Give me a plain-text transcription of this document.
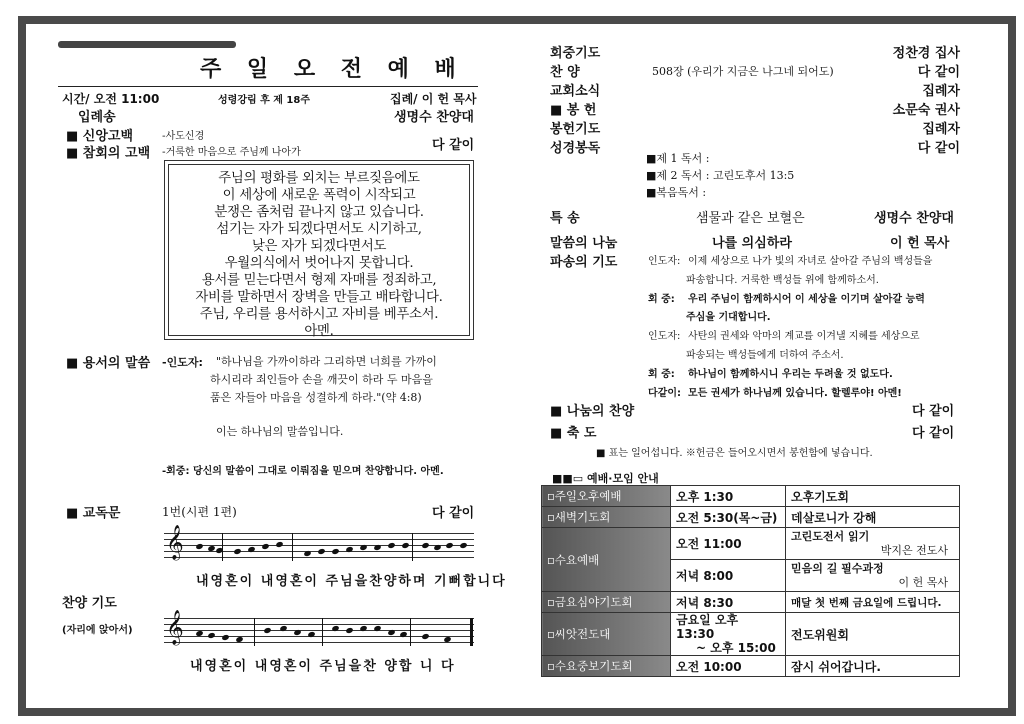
주 일 오 전 예 배
시간/ 오전 11:00	성령강림 후 제 18주	집례/ 이 헌 목사
입례송	생명수 찬양대
■ 신앙고백	-사도신경
■ 참회의 고백 -거룩한 마음으로 주님께 나아가	다 같이
주님의 평화를 외치는 부르짖음에도
이 세상에 새로운 폭력이 시작되고
분쟁은 좀처럼 끝나지 않고 있습니다.
섬기는 자가 되겠다면서도 시기하고,
낮은 자가 되겠다면서도
우월의식에서 벗어나지 못합니다.
용서를 믿는다면서 형제 자매를 정죄하고,
자비를 말하면서 장벽을 만들고 배타합니다.
주님, 우리를 용서하시고 자비를 베푸소서.
아멘.
■ 용서의 말씀 -인도자: "하나님을 가까이하라 그리하면 너희를 가까이
하시리라 죄인들아 손을 깨끗이 하라 두 마음을
품은 자들아 마음을 성결하게 하라."(약 4:8)
이는 하나님의 말씀입니다.
-회중: 당신의 말씀이 그대로 이뤄짐을 믿으며 찬양합니다. 아멘.
■ 교독문	1번(시편 1편)	다 같이
𝄞
내영혼이 내영혼이 주님을찬양하며 기뻐합니다
찬양 기도
(자리에 앉아서) 𝄞
내영혼이 내영혼이 주님을찬 양합 니 다
회중기도	정찬경 집사
찬 양	508장 (우리가 지금은 나그네 되어도)	다 같이
교회소식	집례자
■ 봉 헌	소문숙 권사
봉헌기도	집례자
성경봉독	다 같이
■제 1 독서 :
■제 2 독서 : 고린도후서 13:5
■복음독서 :
특 송	샘물과 같은 보혈은	생명수 찬양대
말씀의 나눔	나를 의심하라	이 헌 목사
파송의 기도	인도자: 이제 세상으로 나가 빛의 자녀로 살아갈 주님의 백성들을
파송합니다. 거룩한 백성들 위에 함께하소서.
회 중: 우리 주님이 함께하시어 이 세상을 이기며 살아갈 능력
주심을 기대합니다.
인도자: 사탄의 권세와 악마의 계교를 이겨낼 지혜를 세상으로
파송되는 백성들에게 더하여 주소서.
회 중: 하나님이 함께하시니 우리는 두려울 것 없도다.
다같이: 모든 권세가 하나님께 있습니다. 할렐루야! 아멘!
■ 나눔의 찬양	다 같이
■ 축 도	다 같이
■ 표는 일어섭니다. ※헌금은 들어오시면서 봉헌함에 넣습니다.
■■▭ 예배·모임 안내
▫주일오후예배	오후 1:30	오후기도회
▫새벽기도회	오전 5:30(목~금)	데살로니가 강해
▫수요예배	오전 11:00	고린도전서 읽기
박지은 전도사

	저녁 8:00	믿음의 길 필수과정
이 헌 목사

▫금요심야기도회	저녁 8:30	매달 첫 번째 금요일에 드립니다.
▫씨앗전도대	금요일 오후 13:30
~ 오후 15:00	전도위원회
▫수요중보기도회	오전 10:00	잠시 쉬어갑니다.
